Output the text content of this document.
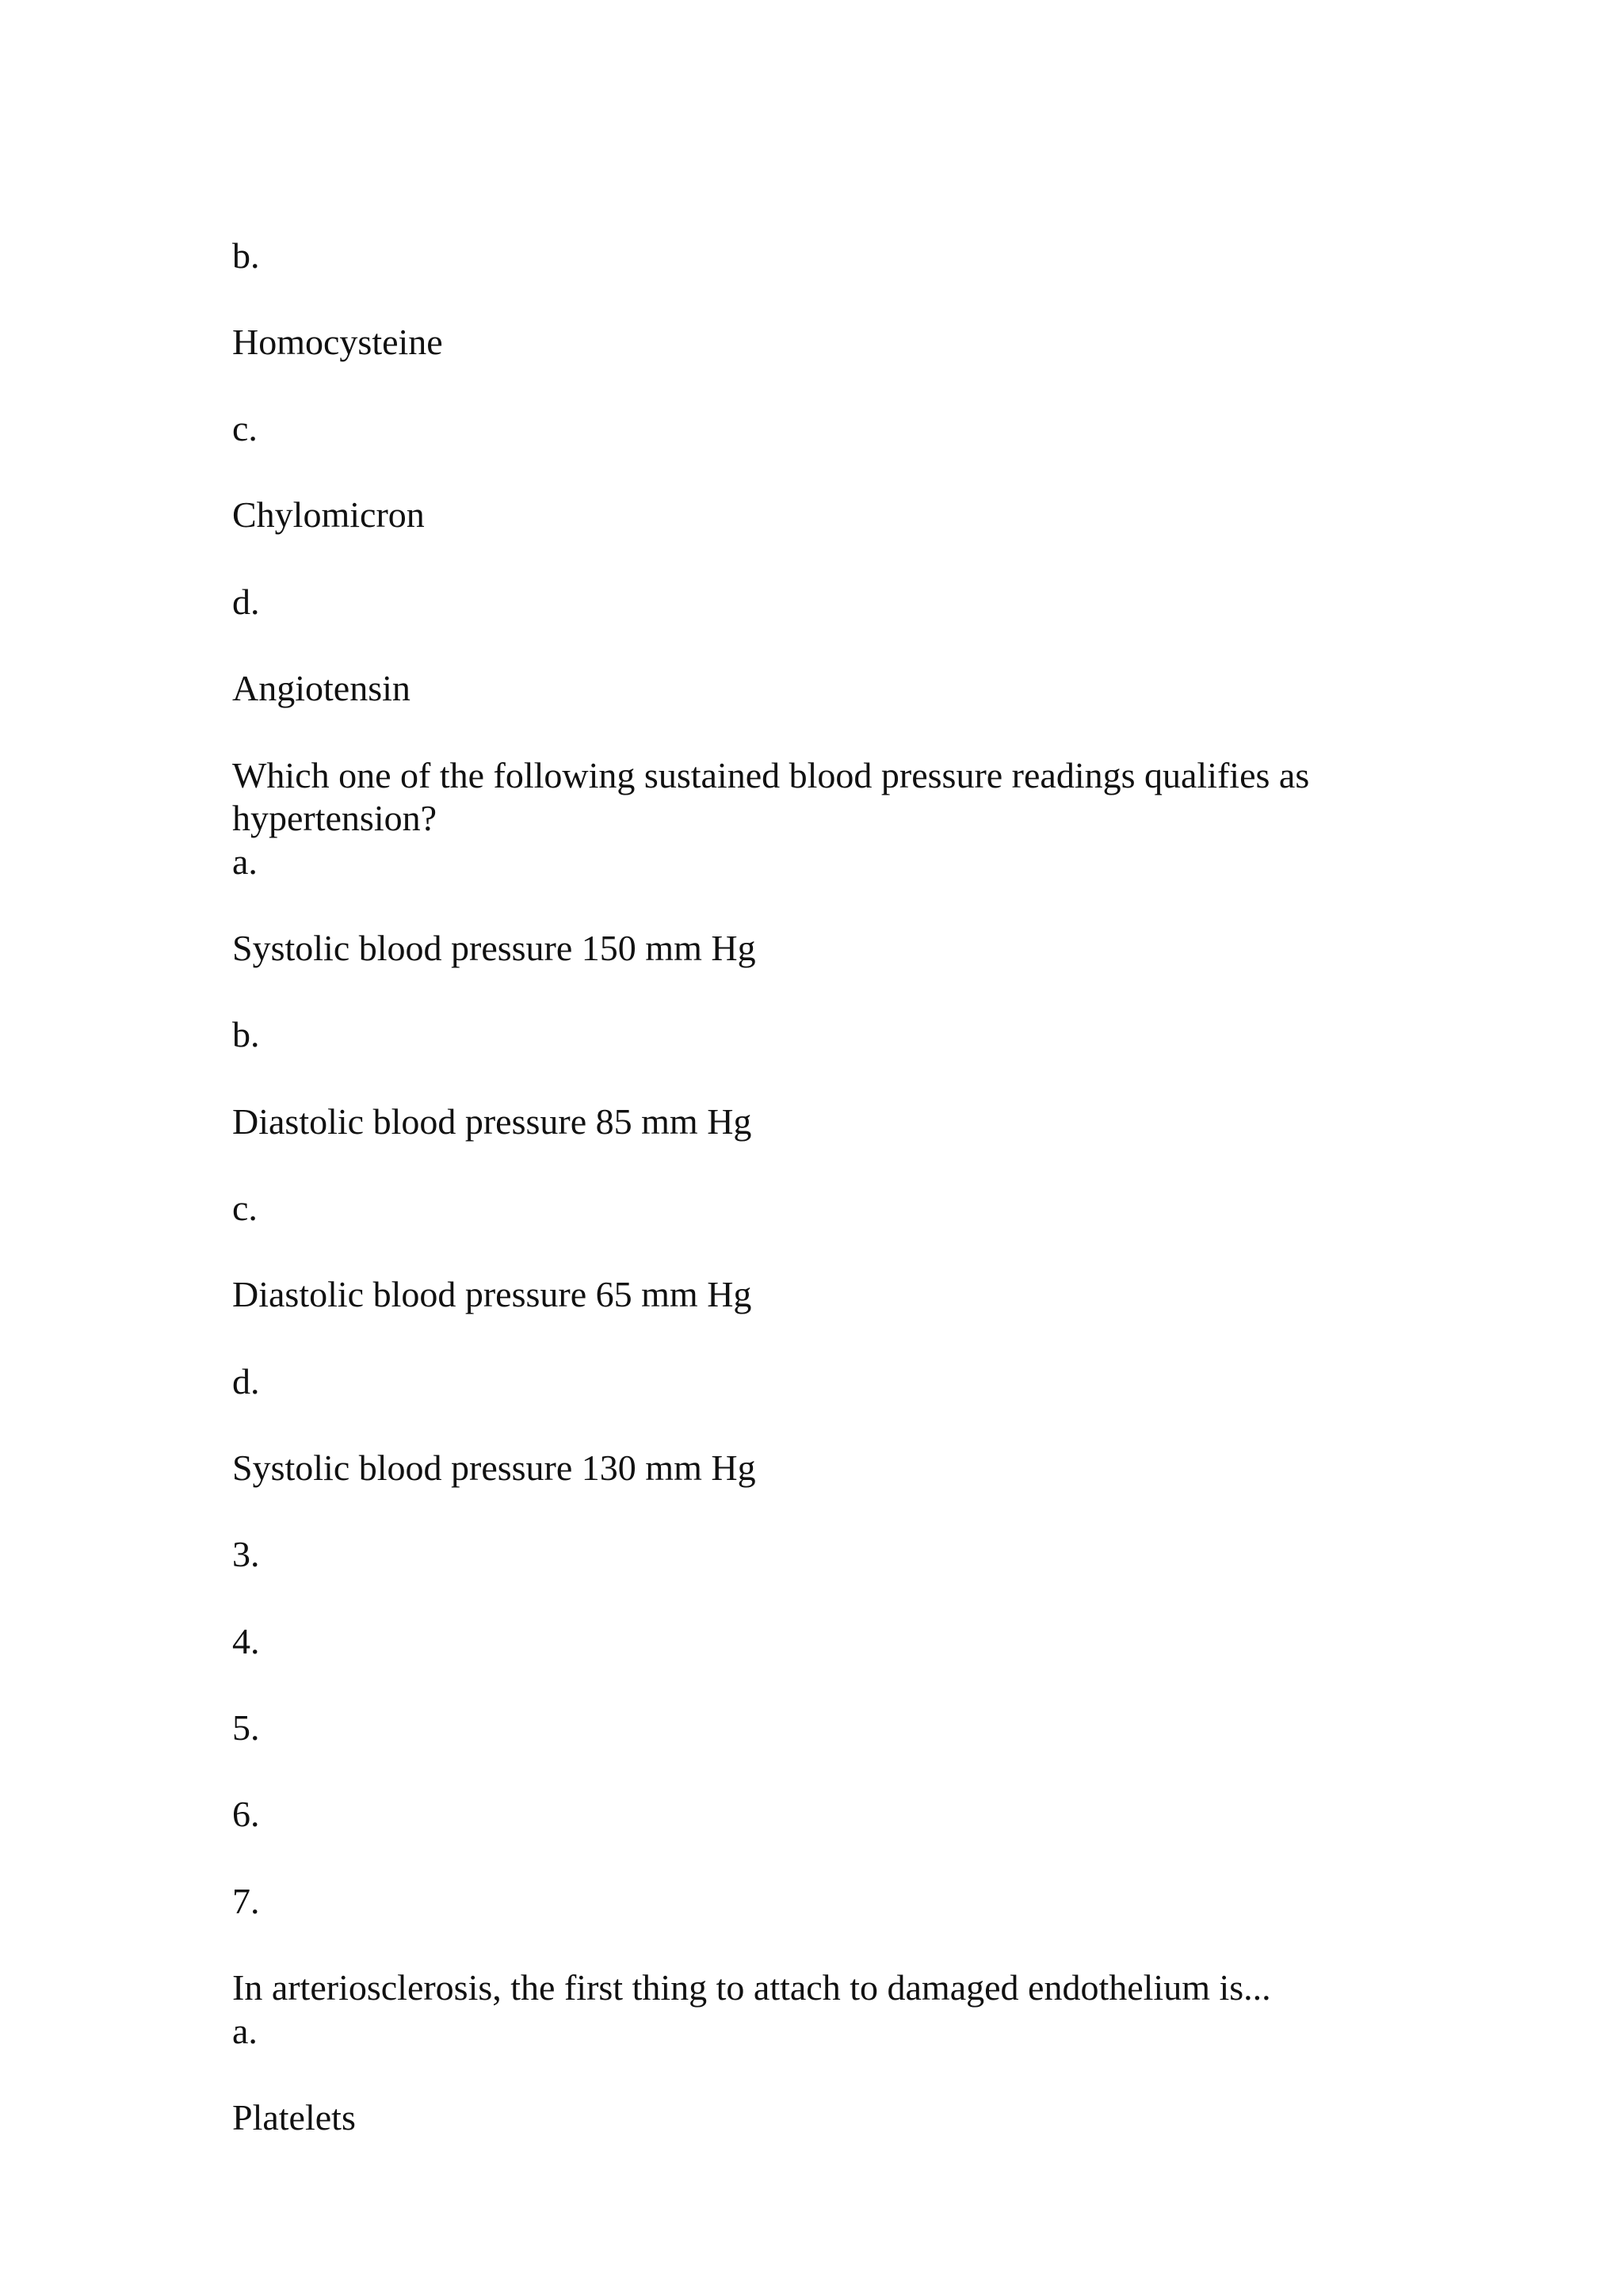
b.
Homocysteine
c.
Chylomicron
d.
Angiotensin
Which one of the following sustained blood pressure readings qualifies as
hypertension?
a.
Systolic blood pressure 150 mm Hg
b.
Diastolic blood pressure 85 mm Hg
c.
Diastolic blood pressure 65 mm Hg
d.
Systolic blood pressure 130 mm Hg
3.
4.
5.
6.
7.
In arteriosclerosis, the first thing to attach to damaged endothelium is...
a.
Platelets
